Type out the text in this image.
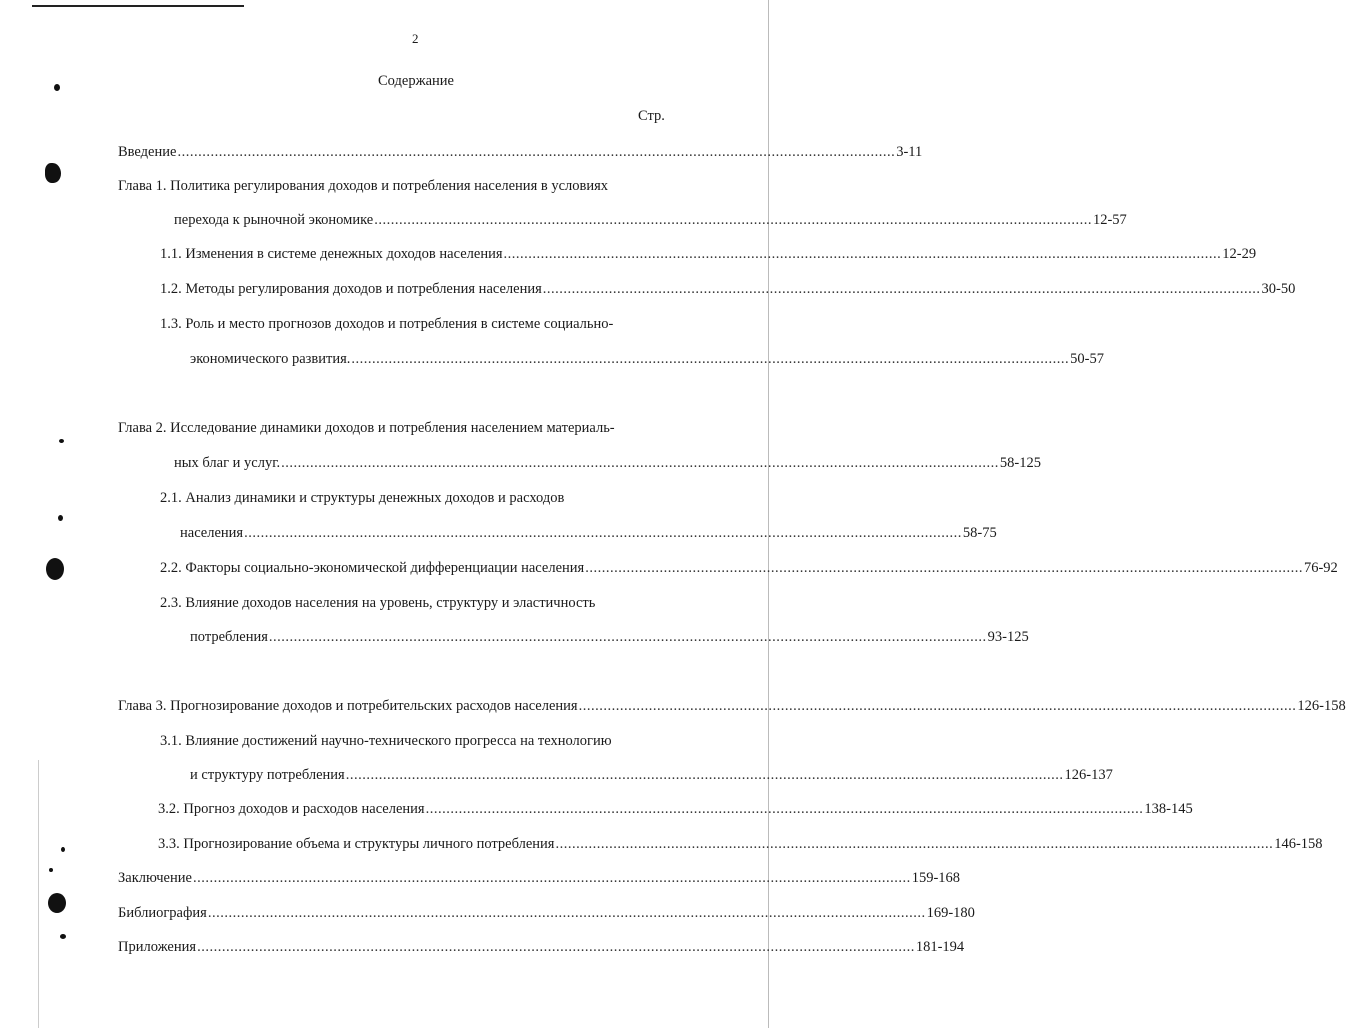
2
Содержание
Стр.
Введение .............................................................................................................................................................................. 3-11
Глава 1. Политика регулирования доходов и потребления населения в условиях
перехода к рыночной экономике .............................................................................................................................................................................. 12-57
1.1. Изменения в системе денежных доходов населения .............................................................................................................................................................................. 12-29
1.2. Методы регулирования доходов и потребления населения .............................................................................................................................................................................. 30-50
1.3. Роль и место прогнозов доходов и потребления в системе социально-
экономического развития. .............................................................................................................................................................................. 50-57
Глава 2. Исследование динамики доходов и потребления населением материаль-
ных благ и услуг. .............................................................................................................................................................................. 58-125
2.1. Анализ динамики и структуры денежных доходов и расходов
населения .............................................................................................................................................................................. 58-75
2.2. Факторы социально-экономической дифференциации населения .............................................................................................................................................................................. 76-92
2.3. Влияние доходов населения на уровень, структуру и эластичность
потребления .............................................................................................................................................................................. 93-125
Глава 3. Прогнозирование доходов и потребительских расходов населения .............................................................................................................................................................................. 126-158
3.1. Влияние достижений научно-технического прогресса на технологию
и структуру потребления .............................................................................................................................................................................. 126-137
3.2. Прогноз доходов и расходов населения .............................................................................................................................................................................. 138-145
3.3. Прогнозирование объема и структуры личного потребления .............................................................................................................................................................................. 146-158
Заключение .............................................................................................................................................................................. 159-168
Библиография .............................................................................................................................................................................. 169-180
Приложения .............................................................................................................................................................................. 181-194
